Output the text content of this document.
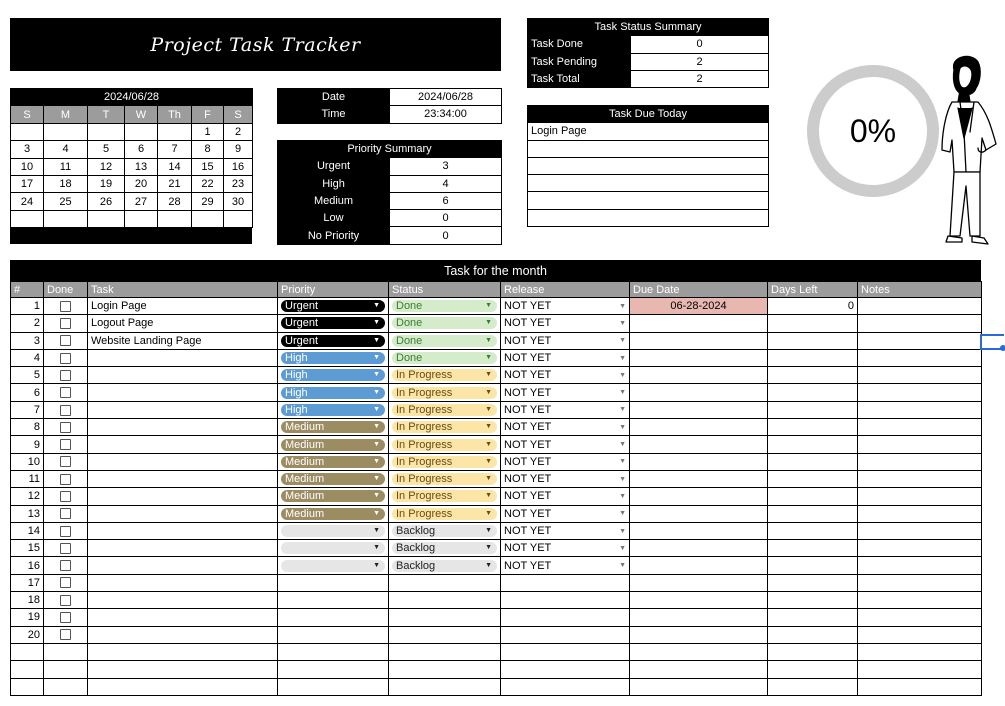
Project Task Tracker
2024/06/28						
S	M	T	W	Th	F	S
					1	2
3	4	5	6	7	8	9
10	11	12	13	14	15	16
17	18	19	20	21	22	23
24	25	26	27	28	29	30

Date	2024/06/28
Time	23:34:00
Priority Summary	
Urgent	3
High	4
Medium	6
Low	0
No Priority	0
Task Status Summary	
Task Done	0
Task Pending	2
Task Total	2
Task Due Today
Login Page	0%
Task for the month
#	Done	Task	Priority	Status	Release	Due Date	Days Left	Notes
1		Login Page	Urgent ▼	Done ▼	NOT YET ▼	06-28-2024	0	
2		Logout Page	Urgent ▼	Done ▼	NOT YET ▼			

3		Website Landing Page	Urgent ▼	Done ▼	NOT YET ▼			

4			High ▼	Done ▼	NOT YET ▼			

5			High ▼	In Progress ▼	NOT YET ▼			

6			High ▼	In Progress ▼	NOT YET ▼			

7			High ▼	In Progress ▼	NOT YET ▼			

8			Medium ▼	In Progress ▼	NOT YET ▼			

9			Medium ▼	In Progress ▼	NOT YET ▼			

10			Medium ▼	In Progress ▼	NOT YET ▼			

11			Medium ▼	In Progress ▼	NOT YET ▼			

12			Medium ▼	In Progress ▼	NOT YET ▼			

13			Medium ▼	In Progress ▼	NOT YET ▼			

14			▼	Backlog ▼	NOT YET ▼			

15			▼	Backlog ▼	NOT YET ▼			

16			▼	Backlog ▼	NOT YET ▼			

17								
18								
19								
20								
